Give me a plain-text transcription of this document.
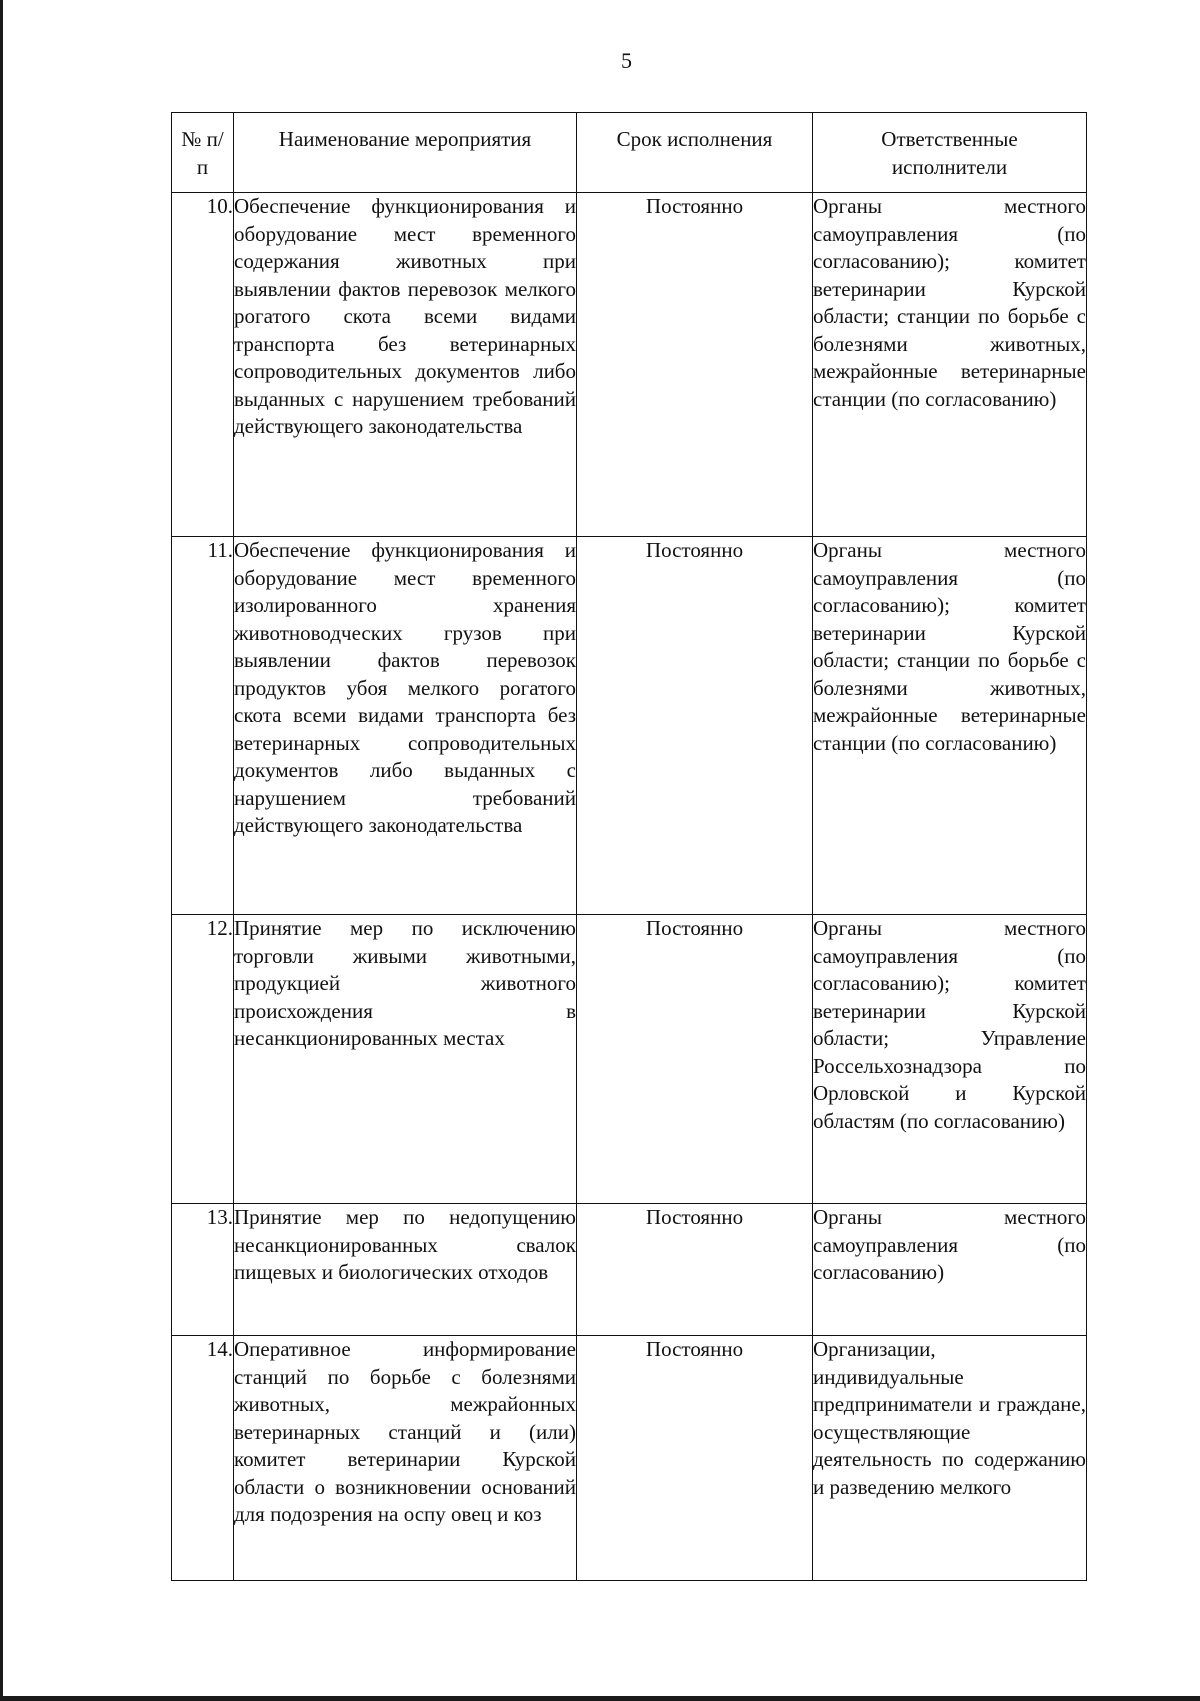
5
№ п/п	Наименование мероприятия	Срок исполнения	Ответственные исполнители
10.	Обеспечение функционирования и оборудование мест временного содержания животных при выявлении фактов перевозок мелкого рогатого скота всеми видами транспорта без ветеринарных сопроводительных документов либо выданных с нарушением требований действующего законодательства	Постоянно	Органы местного самоуправления (по согласованию); комитет ветеринарии Курской области; станции по борьбе с болезнями животных, межрайонные ветеринарные станции (по согласованию)
11.	Обеспечение функционирования и оборудование мест временного изолированного хранения животноводческих грузов при выявлении фактов перевозок продуктов убоя мелкого рогатого скота всеми видами транспорта без ветеринарных сопроводительных документов либо выданных с нарушением требований действующего законодательства	Постоянно	Органы местного самоуправления (по согласованию); комитет ветеринарии Курской области; станции по борьбе с болезнями животных, межрайонные ветеринарные станции (по согласованию)
12.	Принятие мер по исключению торговли живыми животными, продукцией животного происхождения в несанкционированных местах	Постоянно	Органы местного самоуправления (по согласованию); комитет ветеринарии Курской области; Управление Россельхознадзора по Орловской и Курской областям (по согласованию)
13.	Принятие мер по недопущению несанкционированных свалок пищевых и биологических отходов	Постоянно	Органы местного самоуправления (по согласованию)
14.	Оперативное информирование станций по борьбе с болезнями животных, межрайонных ветеринарных станций и (или) комитет ветеринарии Курской области о возникновении оснований для подозрения на оспу овец и коз	Постоянно	Организации, индивидуальные предприниматели и граждане, осуществляющие деятельность по содержанию и разведению мелкого
